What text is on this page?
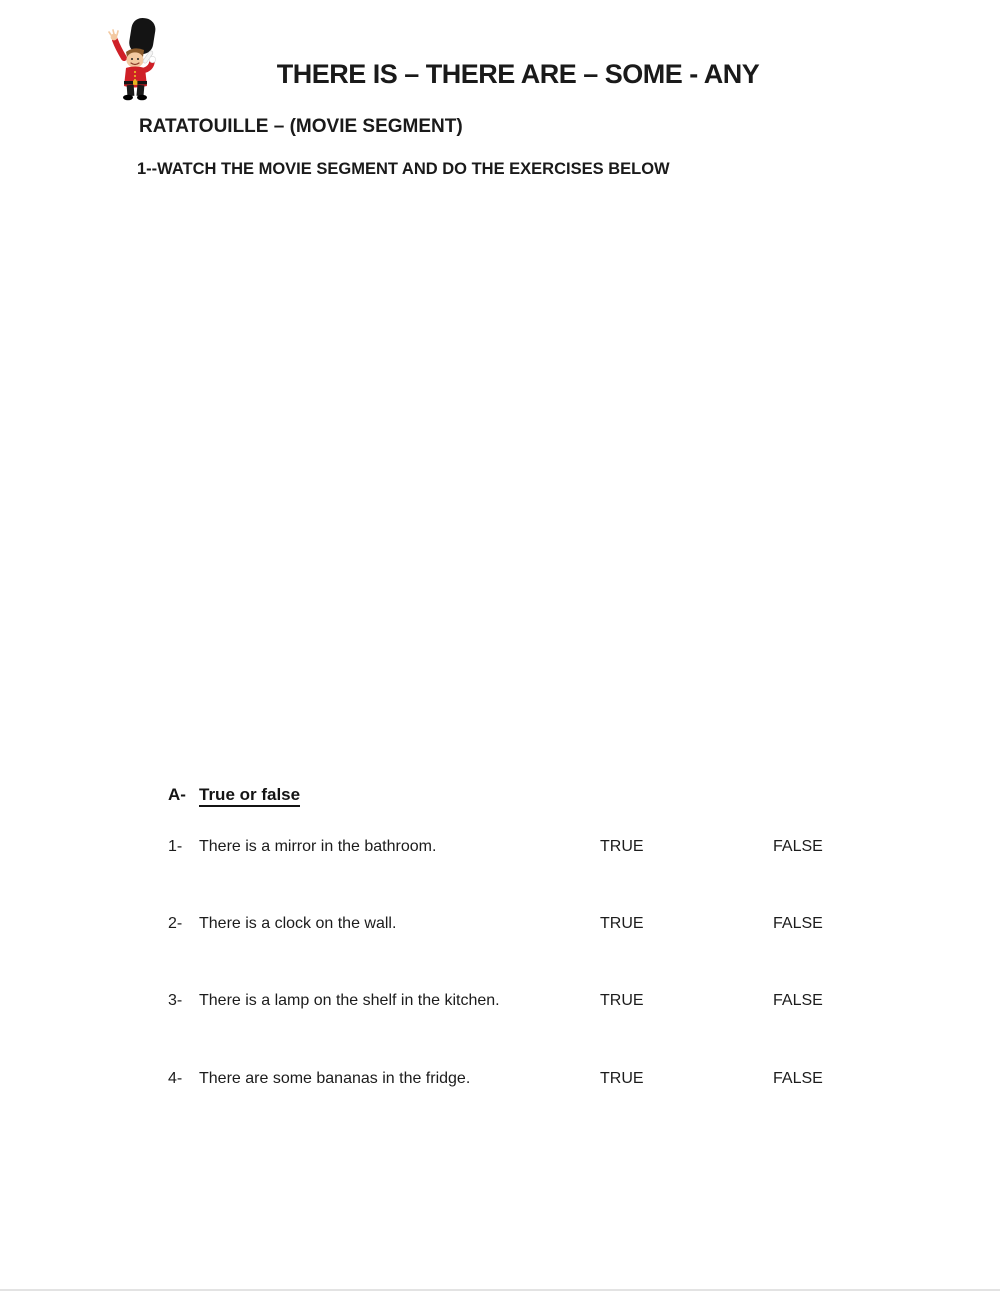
THERE IS – THERE ARE – SOME - ANY
RATATOUILLE – (MOVIE SEGMENT)
1--WATCH THE MOVIE SEGMENT AND DO THE EXERCISES BELOW
A- True or false
1- There is a mirror in the bathroom.	TRUE	FALSE
2- There is a clock on the wall.	TRUE	FALSE
3- There is a lamp on the shelf in the kitchen.	TRUE	FALSE
4- There are some bananas in the fridge.	TRUE	FALSE
